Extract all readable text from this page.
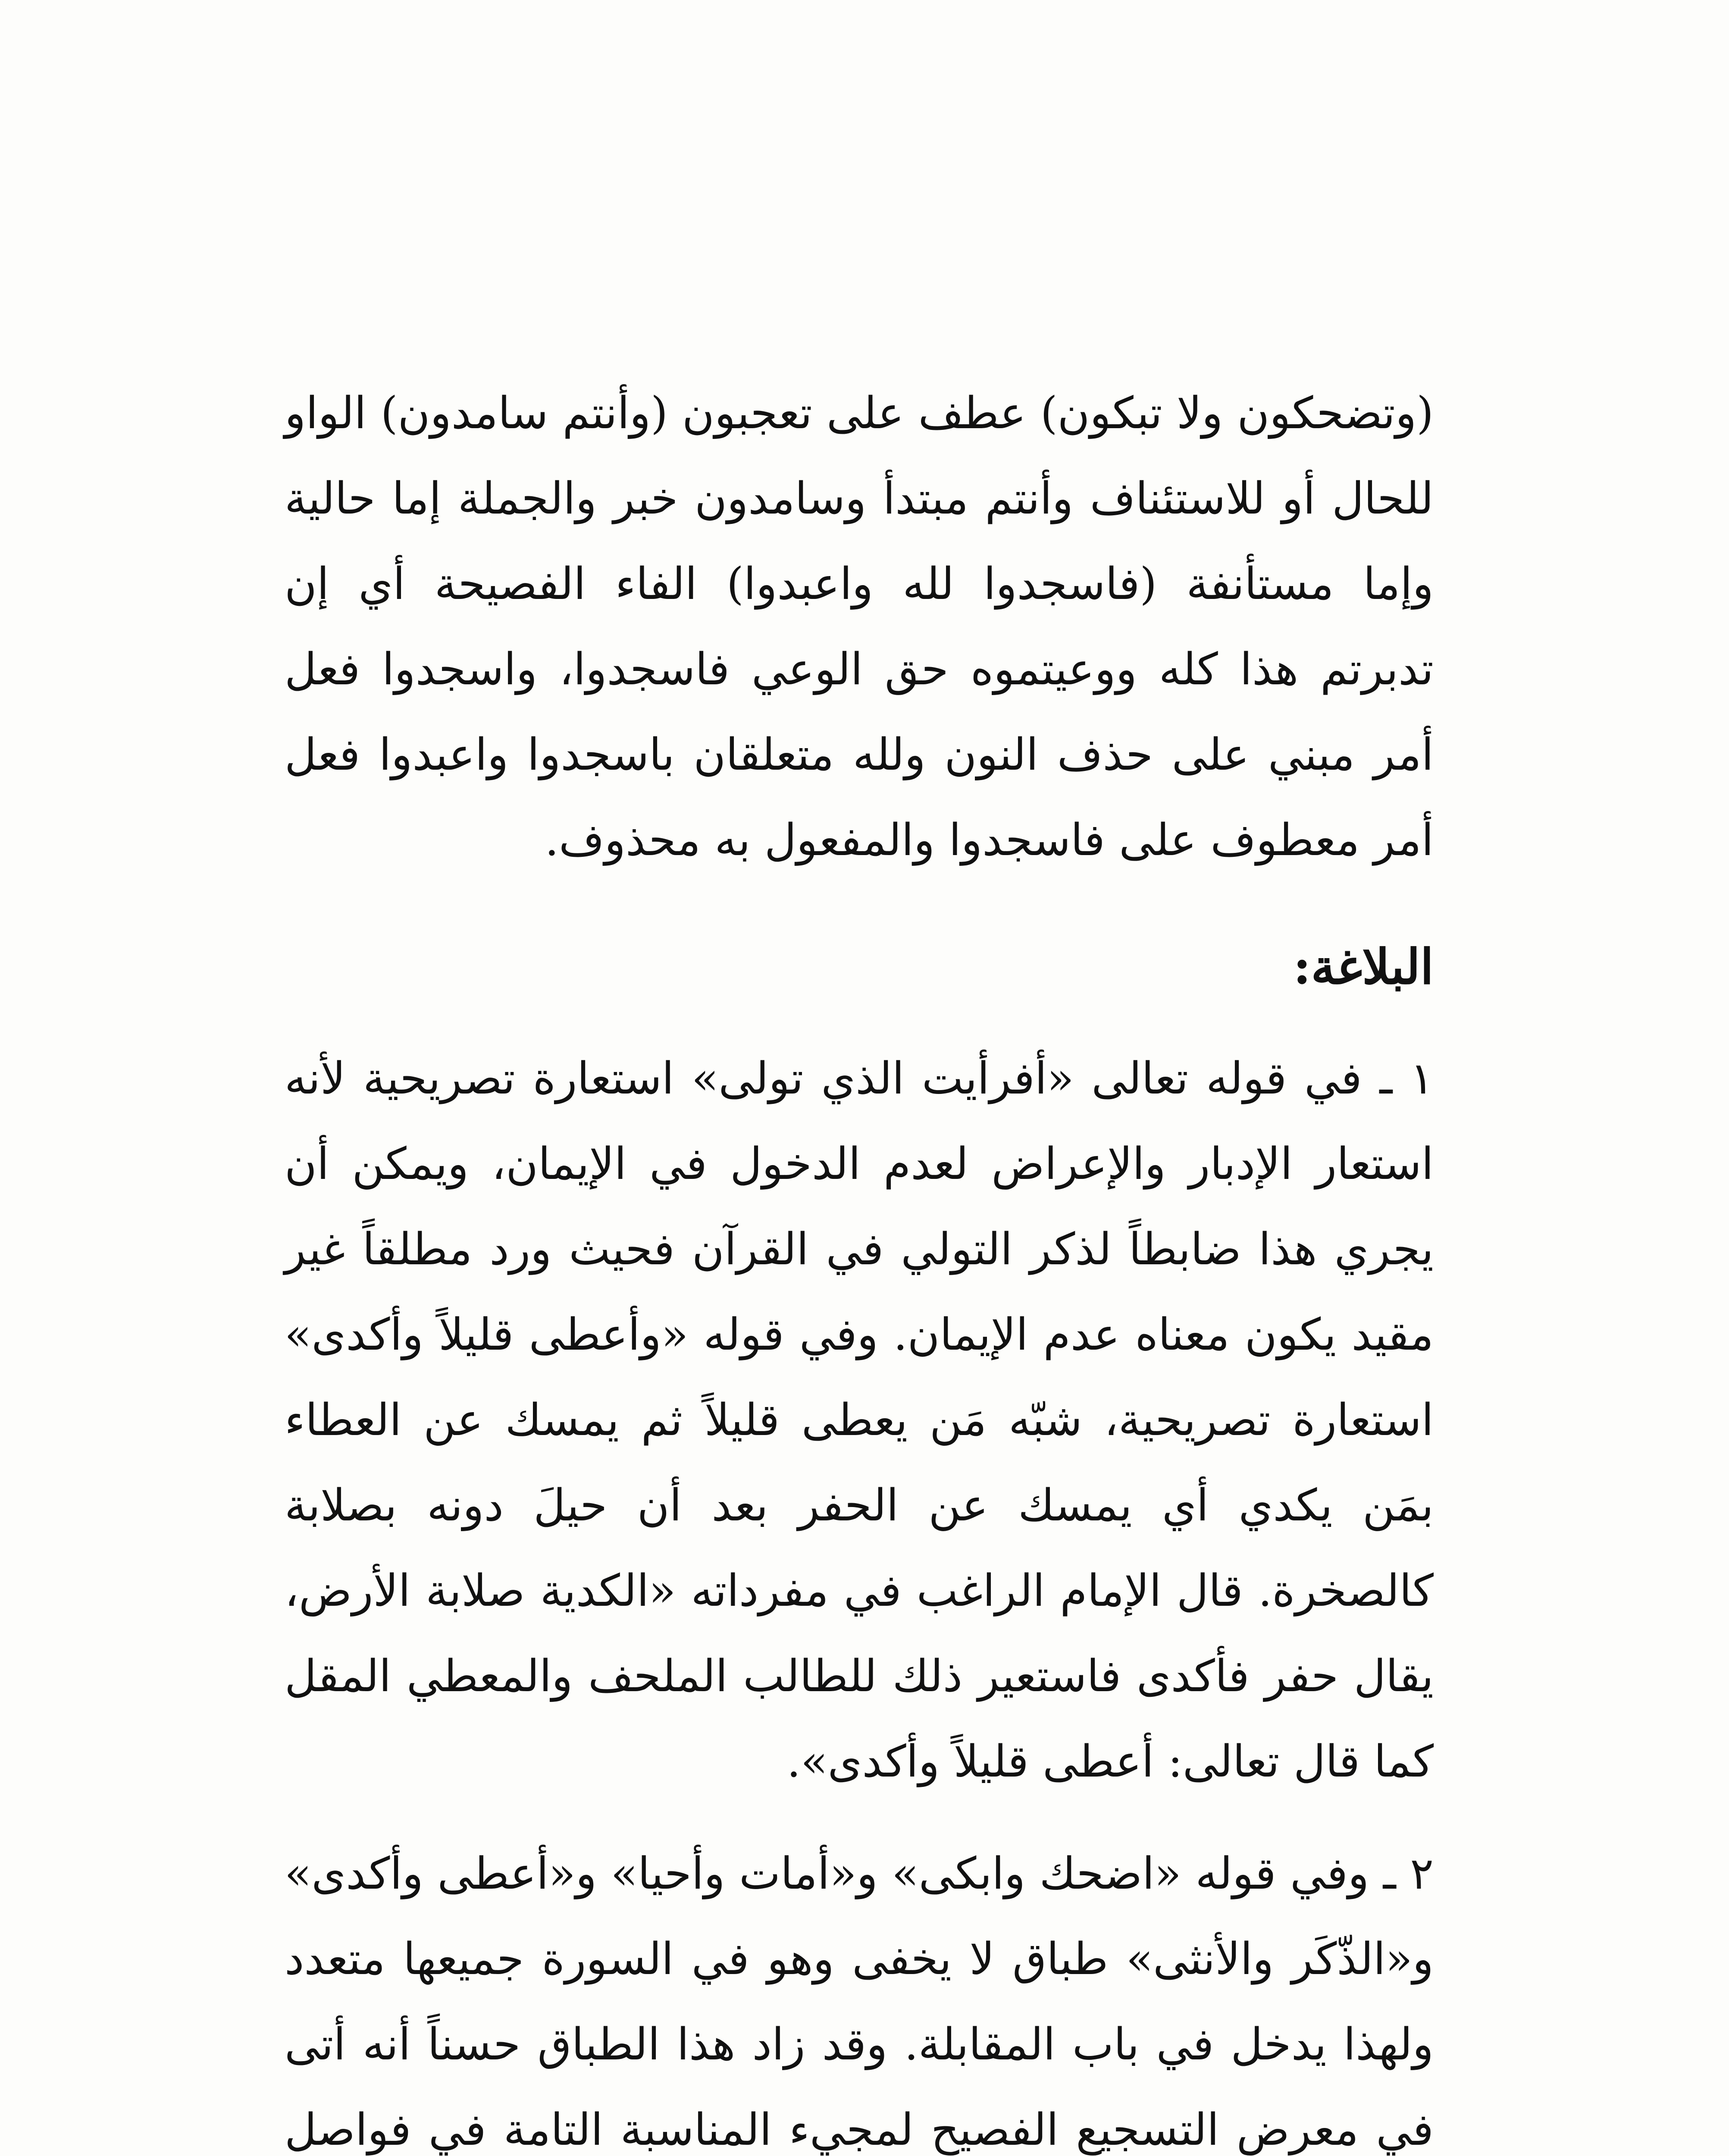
(وتضحكون ولا تبكون) عطف على تعجبون (وأنتم سامدون) الواو للحال أو للاستئناف وأنتم مبتدأ وسامدون خبر والجملة إما حالية وإما مستأنفة (فاسجدوا لله واعبدوا) الفاء الفصيحة أي إن تدبرتم هذا كله ووعيتموه حق الوعي فاسجدوا، واسجدوا فعل أمر مبني على حذف النون ولله متعلقان باسجدوا واعبدوا فعل أمر معطوف على فاسجدوا والمفعول به محذوف.

البلاغة:

١ ـ في قوله تعالى «أفرأيت الذي تولى» استعارة تصريحية لأنه استعار الإدبار والإعراض لعدم الدخول في الإيمان، ويمكن أن يجري هذا ضابطاً لذكر التولي في القرآن فحيث ورد مطلقاً غير مقيد يكون معناه عدم الإيمان. وفي قوله «وأعطى قليلاً وأكدى» استعارة تصريحية، شبّه مَن يعطى قليلاً ثم يمسك عن العطاء بمَن يكدي أي يمسك عن الحفر بعد أن حيلَ دونه بصلابة كالصخرة. قال الإمام الراغب في مفرداته «الكدية صلابة الأرض، يقال حفر فأكدى فاستعير ذلك للطالب الملحف والمعطي المقل كما قال تعالى: أعطى قليلاً وأكدى».

٢ ـ وفي قوله «اضحك وابكى» و«أمات وأحيا» و«أعطى وأكدى» و«الذّكَر والأنثى» طباق لا يخفى وهو في السورة جميعها متعدد ولهذا يدخل في باب المقابلة. وقد زاد هذا الطباق حسناً أنه أتى في معرض التسجيع الفصيح لمجيء المناسبة التامة في فواصل
